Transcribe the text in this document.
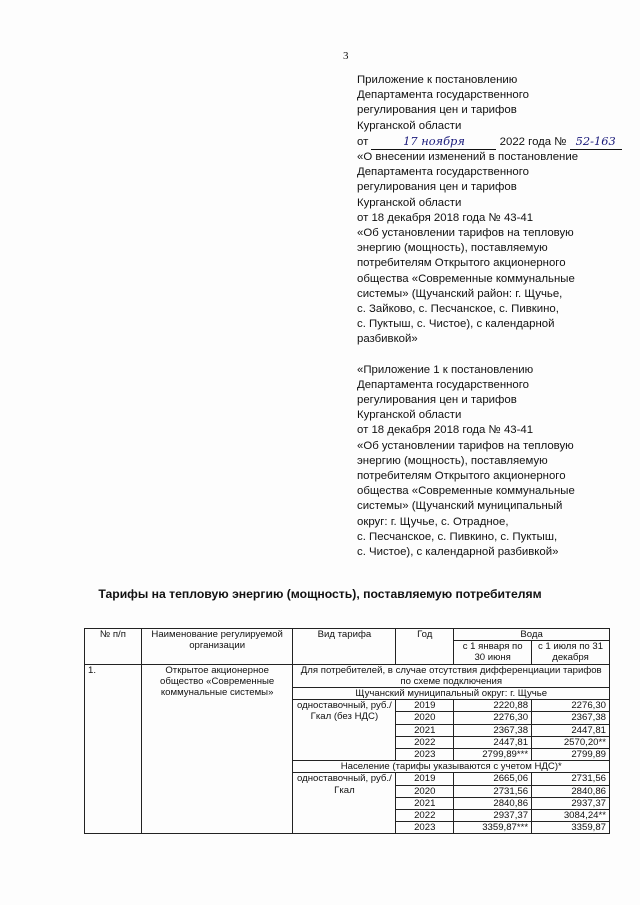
3
Приложение к постановлению
Департамента государственного
регулирования цен и тарифов
Курганской области
от	17 ноября	2022 года № 52-163
«О внесении изменений в постановление
Департамента государственного
регулирования цен и тарифов
Курганской области
от 18 декабря 2018 года № 43-41
«Об установлении тарифов на тепловую
энергию (мощность), поставляемую
потребителям Открытого акционерного
общества «Современные коммунальные
системы» (Щучанский район: г. Щучье,
с. Зайково, с. Песчанское, с. Пивкино,
с. Пуктыш, с. Чистое), с календарной
разбивкой»
«Приложение 1 к постановлению
Департамента государственного
регулирования цен и тарифов
Курганской области
от 18 декабря 2018 года № 43-41
«Об установлении тарифов на тепловую
энергию (мощность), поставляемую
потребителям Открытого акционерного
общества «Современные коммунальные
системы» (Щучанский муниципальный
округ: г. Щучье, с. Отрадное,
с. Песчанское, с. Пивкино, с. Пуктыш,
с. Чистое), с календарной разбивкой»
Тарифы на тепловую энергию (мощность), поставляемую потребителям
№ п/п	Наименование регулируемой организации	Вид тарифа	Год	Вода	
				с 1 января по 30 июня	с 1 июля по 31 декабря
1.	Открытое акционерное общество «Современные коммунальные системы»	Для потребителей, в случае отсутствия дифференциации тарифов по схеме подключения			
		Щучанский муниципальный округ: г. Щучье			
		одноставочный, руб./Гкал (без НДС)	2019	2220,88	2276,30
			2020	2276,30	2367,38
			2021	2367,38	2447,81
			2022	2447,81	2570,20**
			2023	2799,89***	2799,89
		Население (тарифы указываются с учетом НДС)*			
		одноставочный, руб./Гкал	2019	2665,06	2731,56
			2020	2731,56	2840,86
			2021	2840,86	2937,37
			2022	2937,37	3084,24**
			2023	3359,87***	3359,87
